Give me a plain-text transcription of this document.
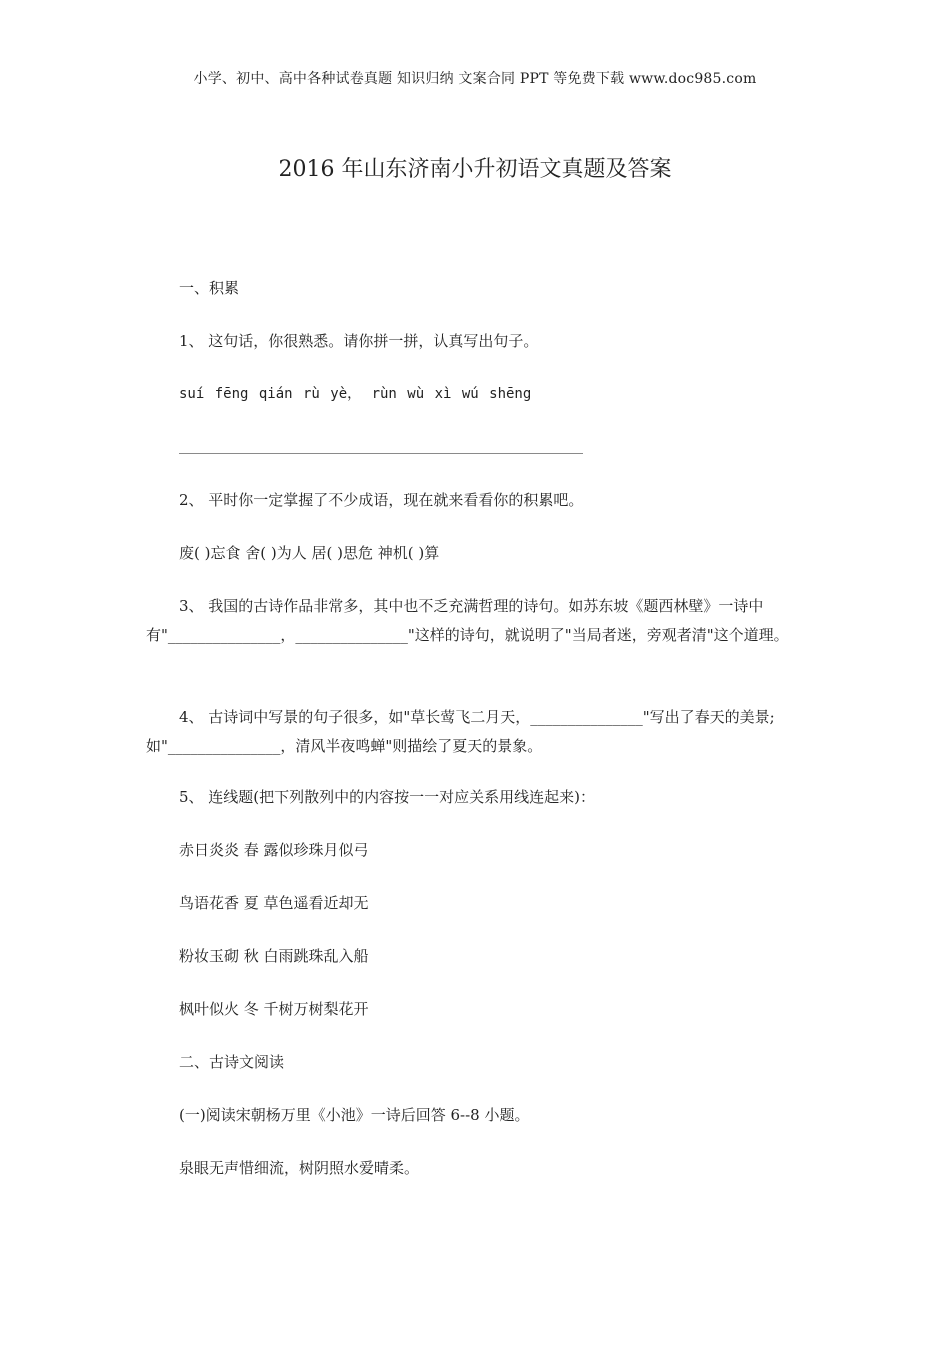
小学、初中、高中各种试卷真题 知识归纳 文案合同 PPT 等免费下载 www.doc985.com
2016 年山东济南小升初语文真题及答案
一、积累
1、 这句话，你很熟悉。请你拼一拼，认真写出句子。
suí fēng qián rù yè， rùn wù xì wú shēng
2、 平时你一定掌握了不少成语，现在就来看看你的积累吧。
废( )忘食 舍( )为人 居( )思危 神机( )算
3、 我国的古诗作品非常多，其中也不乏充满哲理的诗句。如苏东坡《题西林壁》一诗中有"_______________，_______________"这样的诗句，就说明了"当局者迷，旁观者清"这个道理。
4、 古诗词中写景的句子很多，如"草长莺飞二月天，_______________"写出了春天的美景;如"_______________，清风半夜鸣蝉"则描绘了夏天的景象。
5、 连线题(把下列散列中的内容按一一对应关系用线连起来)：
赤日炎炎 春 露似珍珠月似弓
鸟语花香 夏 草色遥看近却无
粉妆玉砌 秋 白雨跳珠乱入船
枫叶似火 冬 千树万树梨花开
二、古诗文阅读
(一)阅读宋朝杨万里《小池》一诗后回答 6--8 小题。
泉眼无声惜细流，树阴照水爱晴柔。
